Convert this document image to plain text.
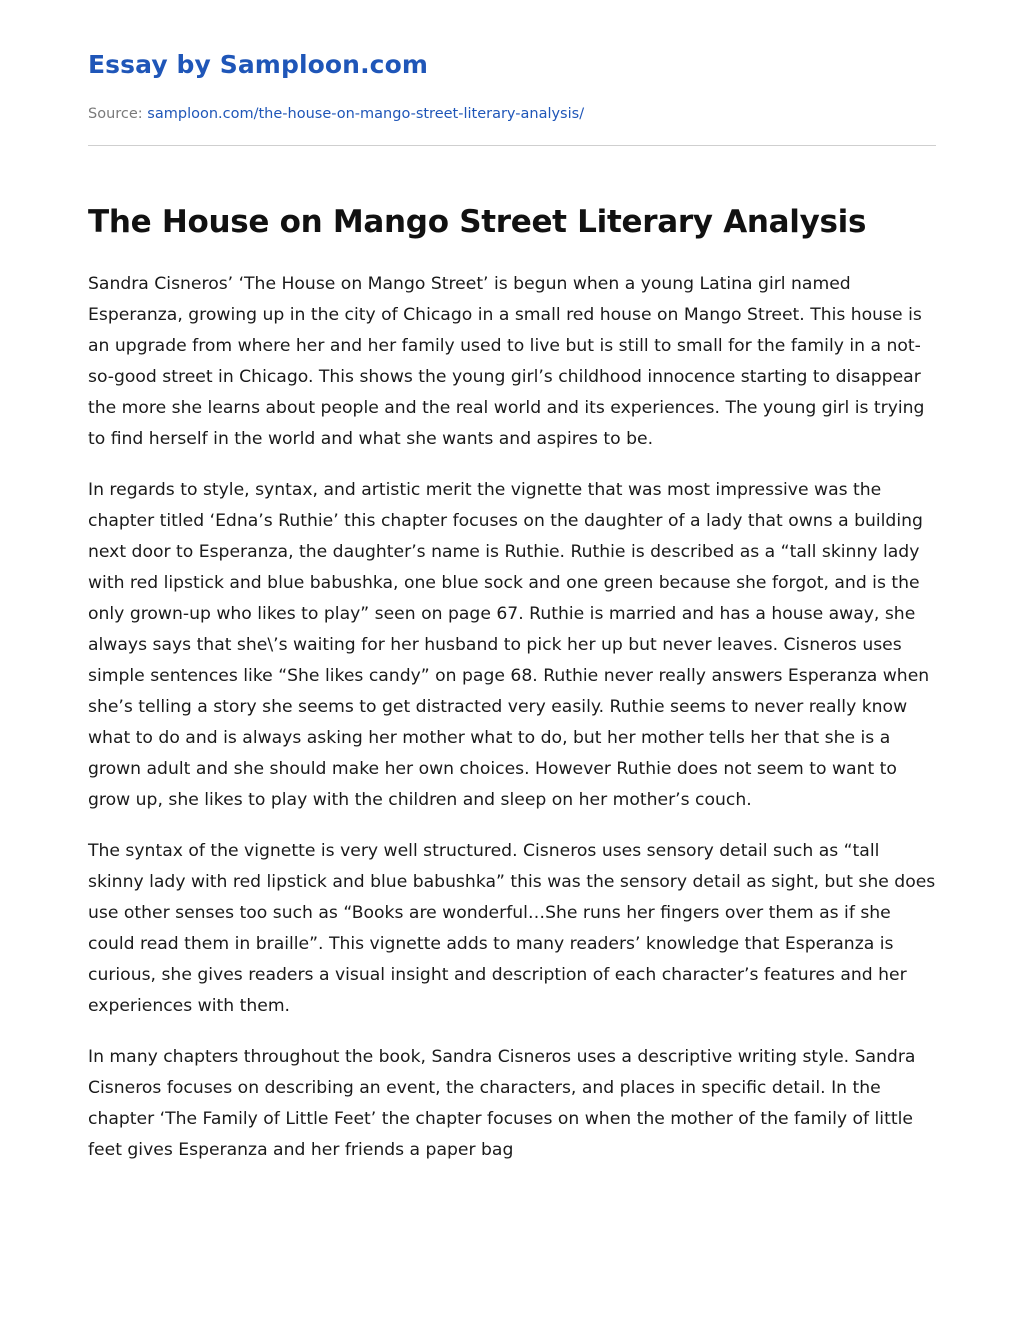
Essay by Samploon.com
Source: samploon.com/the-house-on-mango-street-literary-analysis/
The House on Mango Street Literary Analysis

Sandra Cisneros’ ‘The House on Mango Street’ is begun when a young Latina girl named Esperanza, growing up in the city of Chicago in a small red house on Mango Street. This house is an upgrade from where her and her family used to live but is still to small for the family in a not-so-good street in Chicago. This shows the young girl’s childhood innocence starting to disappear the more she learns about people and the real world and its experiences. The young girl is trying to find herself in the world and what she wants and aspires to be.

In regards to style, syntax, and artistic merit the vignette that was most impressive was the chapter titled ‘Edna’s Ruthie’ this chapter focuses on the daughter of a lady that owns a building next door to Esperanza, the daughter’s name is Ruthie. Ruthie is described as a “tall skinny lady with red lipstick and blue babushka, one blue sock and one green because she forgot, and is the only grown-up who likes to play” seen on page 67. Ruthie is married and has a house away, she always says that she\’s waiting for her husband to pick her up but never leaves. Cisneros uses simple sentences like “She likes candy” on page 68. Ruthie never really answers Esperanza when she’s telling a story she seems to get distracted very easily. Ruthie seems to never really know what to do and is always asking her mother what to do, but her mother tells her that she is a grown adult and she should make her own choices. However Ruthie does not seem to want to grow up, she likes to play with the children and sleep on her mother’s couch.

The syntax of the vignette is very well structured. Cisneros uses sensory detail such as “tall skinny lady with red lipstick and blue babushka” this was the sensory detail as sight, but she does use other senses too such as “Books are wonderful…She runs her fingers over them as if she could read them in braille”. This vignette adds to many readers’ knowledge that Esperanza is curious, she gives readers a visual insight and description of each character’s features and her experiences with them.

In many chapters throughout the book, Sandra Cisneros uses a descriptive writing style. Sandra Cisneros focuses on describing an event, the characters, and places in specific detail. In the chapter ‘The Family of Little Feet’ the chapter focuses on when the mother of the family of little feet gives Esperanza and her friends a paper bag
